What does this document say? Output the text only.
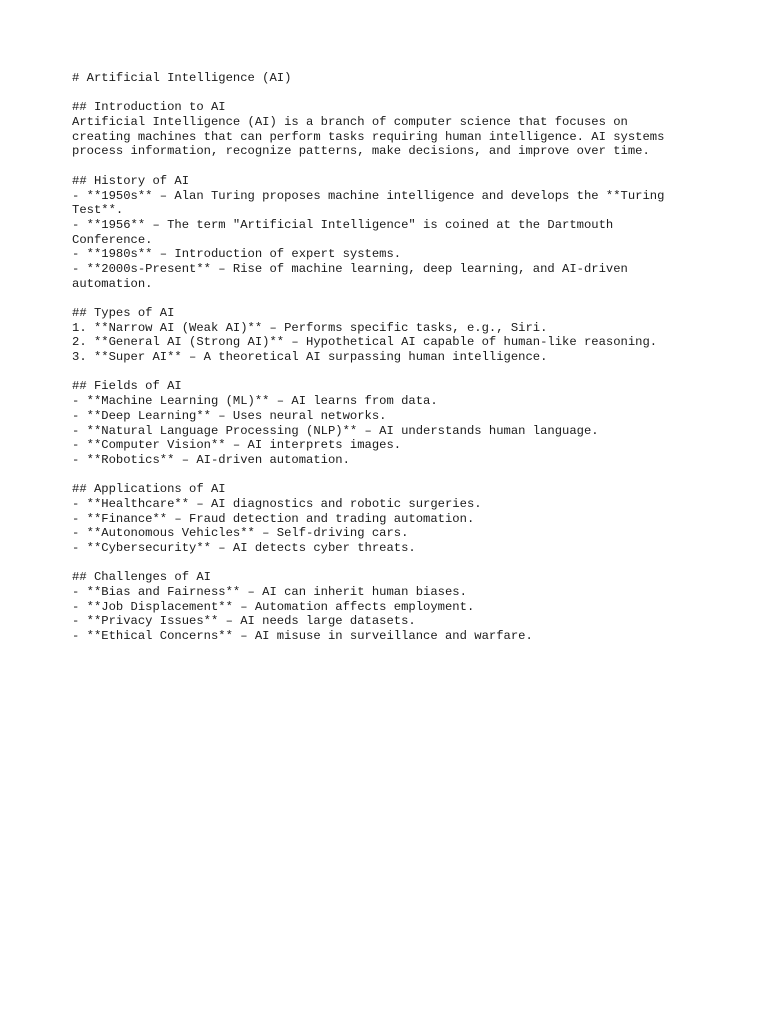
# Artificial Intelligence (AI)
## Introduction to AI
Artificial Intelligence (AI) is a branch of computer science that focuses on
creating machines that can perform tasks requiring human intelligence. AI systems
process information, recognize patterns, make decisions, and improve over time.
## History of AI
- **1950s** – Alan Turing proposes machine intelligence and develops the **Turing
Test**.
- **1956** – The term "Artificial Intelligence" is coined at the Dartmouth
Conference.
- **1980s** – Introduction of expert systems.
- **2000s-Present** – Rise of machine learning, deep learning, and AI-driven
automation.
## Types of AI
1. **Narrow AI (Weak AI)** – Performs specific tasks, e.g., Siri.
2. **General AI (Strong AI)** – Hypothetical AI capable of human-like reasoning.
3. **Super AI** – A theoretical AI surpassing human intelligence.
## Fields of AI
- **Machine Learning (ML)** – AI learns from data.
- **Deep Learning** – Uses neural networks.
- **Natural Language Processing (NLP)** – AI understands human language.
- **Computer Vision** – AI interprets images.
- **Robotics** – AI-driven automation.
## Applications of AI
- **Healthcare** – AI diagnostics and robotic surgeries.
- **Finance** – Fraud detection and trading automation.
- **Autonomous Vehicles** – Self-driving cars.
- **Cybersecurity** – AI detects cyber threats.
## Challenges of AI
- **Bias and Fairness** – AI can inherit human biases.
- **Job Displacement** – Automation affects employment.
- **Privacy Issues** – AI needs large datasets.
- **Ethical Concerns** – AI misuse in surveillance and warfare.
